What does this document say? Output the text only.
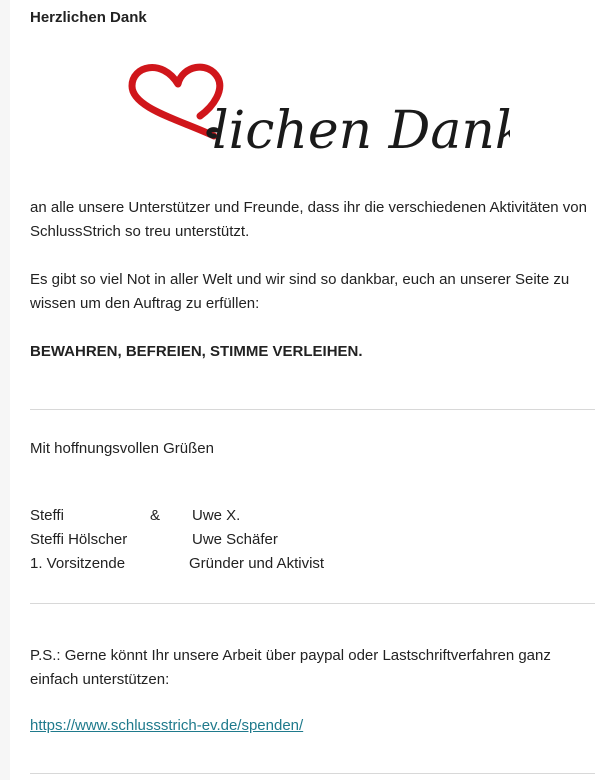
Herzlichen Dank
lichen Dank
an alle unsere Unterstützer und Freunde, dass ihr die verschiedenen Aktivitäten von SchlussStrich so treu unterstützt.
Es gibt so viel Not in aller Welt und wir sind so dankbar, euch an unserer Seite zu wissen um den Auftrag zu erfüllen:
BEWAHREN, BEFREIEN, STIMME VERLEIHEN.
Mit hoffnungsvollen Grüßen
Steffi	& Uwe X.
Steffi Hölscher	Uwe Schäfer
1. Vorsitzende	Gründer und Aktivist
P.S.: Gerne könnt Ihr unsere Arbeit über paypal oder Lastschriftverfahren ganz einfach unterstützen:
https://www.schlussstrich-ev.de/spenden/
